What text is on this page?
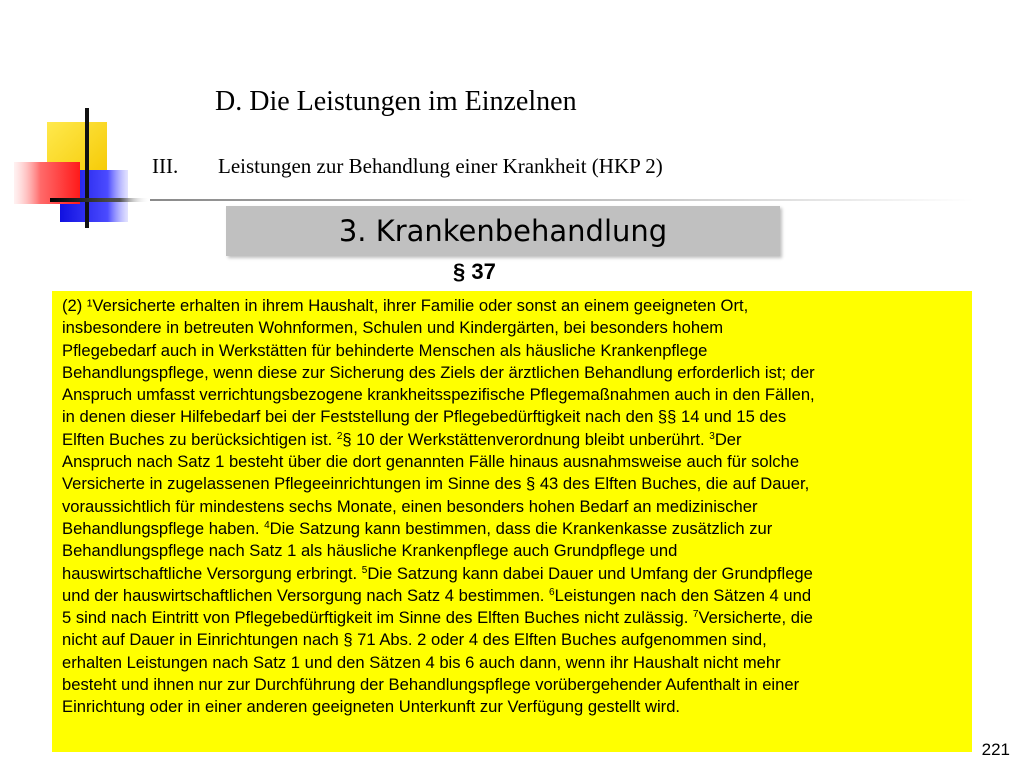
D. Die Leistungen im Einzelnen
III. Leistungen zur Behandlung einer Krankheit (HKP 2)
3. Krankenbehandlung
§ 37
(2) ¹Versicherte erhalten in ihrem Haushalt, ihrer Familie oder sonst an einem geeigneten Ort,
insbesondere in betreuten Wohnformen, Schulen und Kindergärten, bei besonders hohem
Pflegebedarf auch in Werkstätten für behinderte Menschen als häusliche Krankenpflege
Behandlungspflege, wenn diese zur Sicherung des Ziels der ärztlichen Behandlung erforderlich ist; der
Anspruch umfasst verrichtungsbezogene krankheitsspezifische Pflegemaßnahmen auch in den Fällen,
in denen dieser Hilfebedarf bei der Feststellung der Pflegebedürftigkeit nach den §§ 14 und 15 des
Elften Buches zu berücksichtigen ist. $^2$§ 10 der Werkstättenverordnung bleibt unberührt. $^3$Der
Anspruch nach Satz 1 besteht über die dort genannten Fälle hinaus ausnahmsweise auch für solche
Versicherte in zugelassenen Pflegeeinrichtungen im Sinne des § 43 des Elften Buches, die auf Dauer,
voraussichtlich für mindestens sechs Monate, einen besonders hohen Bedarf an medizinischer
Behandlungspflege haben. $^4$Die Satzung kann bestimmen, dass die Krankenkasse zusätzlich zur
Behandlungspflege nach Satz 1 als häusliche Krankenpflege auch Grundpflege und
hauswirtschaftliche Versorgung erbringt. $^5$Die Satzung kann dabei Dauer und Umfang der Grundpflege
und der hauswirtschaftlichen Versorgung nach Satz 4 bestimmen. $^6$Leistungen nach den Sätzen 4 und
5 sind nach Eintritt von Pflegebedürftigkeit im Sinne des Elften Buches nicht zulässig. $^7$Versicherte, die
nicht auf Dauer in Einrichtungen nach § 71 Abs. 2 oder 4 des Elften Buches aufgenommen sind,
erhalten Leistungen nach Satz 1 und den Sätzen 4 bis 6 auch dann, wenn ihr Haushalt nicht mehr
besteht und ihnen nur zur Durchführung der Behandlungspflege vorübergehender Aufenthalt in einer
Einrichtung oder in einer anderen geeigneten Unterkunft zur Verfügung gestellt wird.
221
